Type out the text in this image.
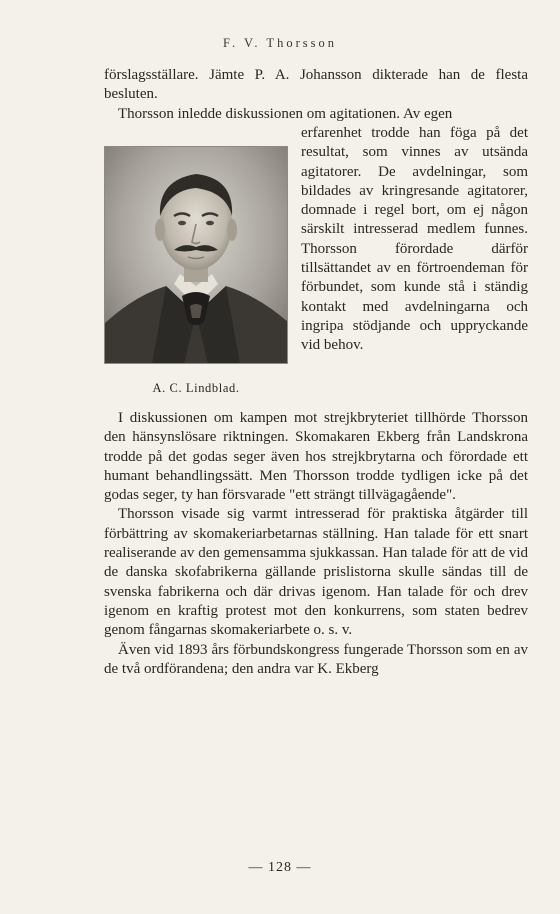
F. V. Thorsson

förslagsställare. Jämte P. A. Johansson dikterade han de flesta besluten.

Thorsson inledde diskussionen om agitationen. Av egen

A. C. Lindblad.

erfarenhet trodde han föga på det resultat, som vinnes av utsända agitatorer. De avdelningar, som bildades av kringresande agitatorer, domnade i regel bort, om ej någon särskilt intresserad medlem funnes. Thorsson förordade därför tillsättandet av en förtroendeman för förbundet, som kunde stå i ständig kontakt med avdelningarna och ingripa stödjande och uppryckande vid behov.

I diskussionen om kampen mot strejkbryteriet tillhörde Thorsson den hänsynslösare riktningen. Skomakaren Ekberg från Landskrona trodde på det godas seger även hos strejkbrytarna och förordade ett humant behandlingssätt. Men Thorsson trodde tydligen icke på det godas seger, ty han försvarade "ett strängt tillvägagående".

Thorsson visade sig varmt intresserad för praktiska åtgärder till förbättring av skomakeriarbetarnas ställning. Han talade för ett snart realiserande av den gemensamma sjukkassan. Han talade för att de vid de danska skofabrikerna gällande prislistorna skulle sändas till de svenska fabrikerna och där drivas igenom. Han talade för och drev igenom en kraftig protest mot den konkurrens, som staten bedrev genom fångarnas skomakeriarbete o. s. v.

Även vid 1893 års förbundskongress fungerade Thorsson som en av de två ordförandena; den andra var K. Ekberg

— 128 —
